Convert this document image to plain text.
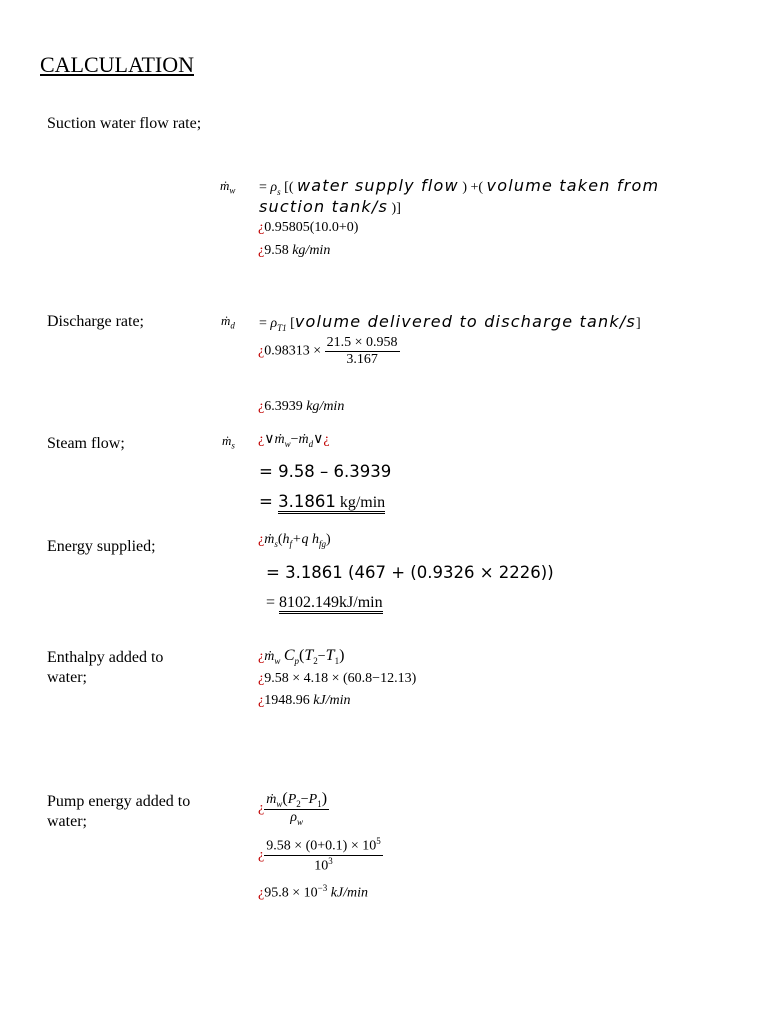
CALCULATION
Suction water flow rate;
ṁ$_w$ = $\rho_s$ [( water supply flow ) +( volume taken from
suction tank/s )]
¿0.95805(10.0+0)
¿9.58 kg/min
Discharge rate;	ṁ$_d$ = $\rho_{T1}$ [volume delivered to discharge tank/s]
¿$0.98313 \times \frac{21.5 \times 0.958}{3.167}$
¿6.3939 kg/min
Steam flow;	ṁ$_s$ ¿∨ṁ$_w$−ṁ$_d$∨¿
= 9.58 – 6.3939
= 3.1861 kg/min
Energy supplied;	¿$ṁ_s(h_f+q$ $h_{fg}$)
= 3.1861 (467 + (0.9326 × 2226))
= 8102.149kJ/min
Enthalpy added to
water;
¿ṁ$_w$ $C_p(T_2-T_1)$
¿9.58 × 4.18 × (60.8−12.13)
¿1948.96 kJ/min
Pump energy added to
water;
¿ $\frac{ṁ_w(P_2-P_1)}{\rho_w}$
¿ $\frac{9.58 \times (0+0.1) \times 10^5}{10^3}$
¿$95.8 \times 10^{-3}$ kJ/min
